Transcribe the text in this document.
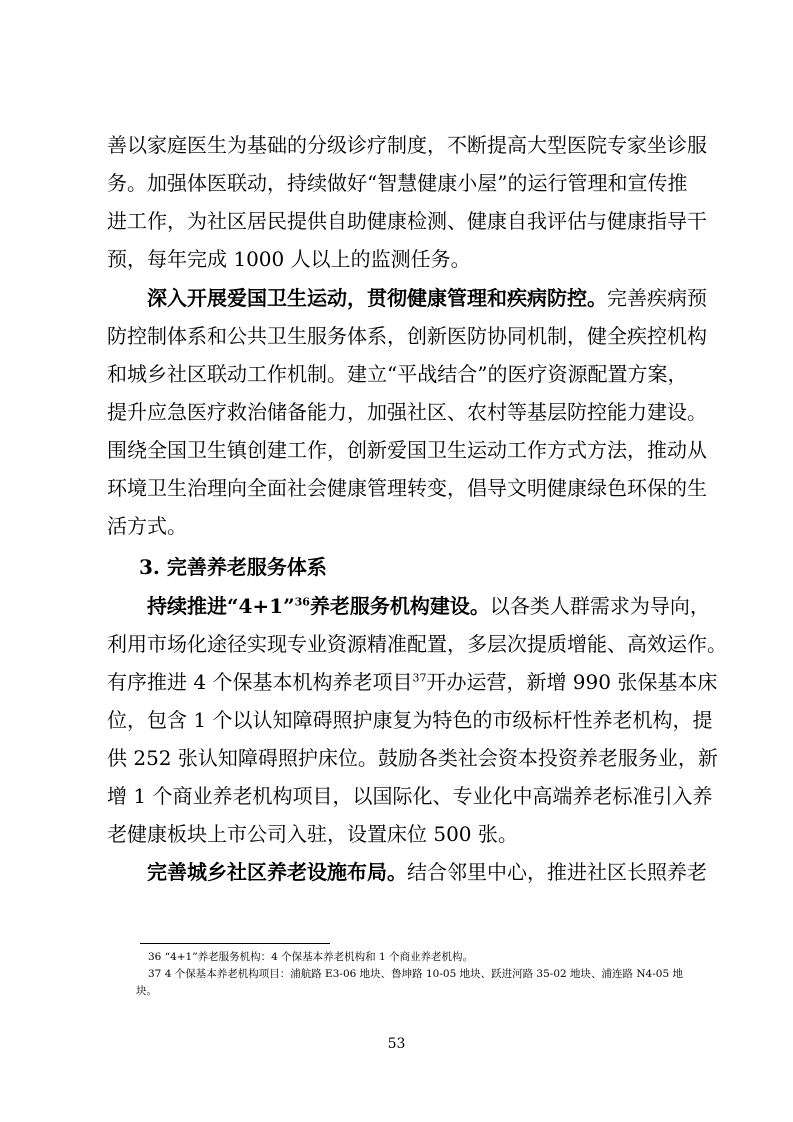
善以家庭医生为基础的分级诊疗制度，不断提高大型医院专家坐诊服
务。加强体医联动，持续做好“智慧健康小屋”的运行管理和宣传推
进工作，为社区居民提供自助健康检测、健康自我评估与健康指导干
预，每年完成 1000 人以上的监测任务。
深入开展爱国卫生运动，贯彻健康管理和疾病防控。完善疾病预
防控制体系和公共卫生服务体系，创新医防协同机制，健全疾控机构
和城乡社区联动工作机制。建立“平战结合”的医疗资源配置方案，
提升应急医疗救治储备能力，加强社区、农村等基层防控能力建设。
围绕全国卫生镇创建工作，创新爱国卫生运动工作方式方法，推动从
环境卫生治理向全面社会健康管理转变，倡导文明健康绿色环保的生
活方式。
3. 完善养老服务体系
持续推进“4+1”$^{36}$养老服务机构建设。以各类人群需求为导向，
利用市场化途径实现专业资源精准配置，多层次提质增能、高效运作。
有序推进 4 个保基本机构养老项目$^{37}$开办运营，新增 990 张保基本床
位，包含 1 个以认知障碍照护康复为特色的市级标杆性养老机构，提
供 252 张认知障碍照护床位。鼓励各类社会资本投资养老服务业，新
增 1 个商业养老机构项目，以国际化、专业化中高端养老标准引入养
老健康板块上市公司入驻，设置床位 500 张。
完善城乡社区养老设施布局。结合邻里中心，推进社区长照养老
36 “4+1”养老服务机构：4 个保基本养老机构和 1 个商业养老机构。
37 4 个保基本养老机构项目：浦航路 E3-06 地块、鲁坤路 10-05 地块、跃进河路 35-02 地块、浦连路 N4-05 地
块。
53
